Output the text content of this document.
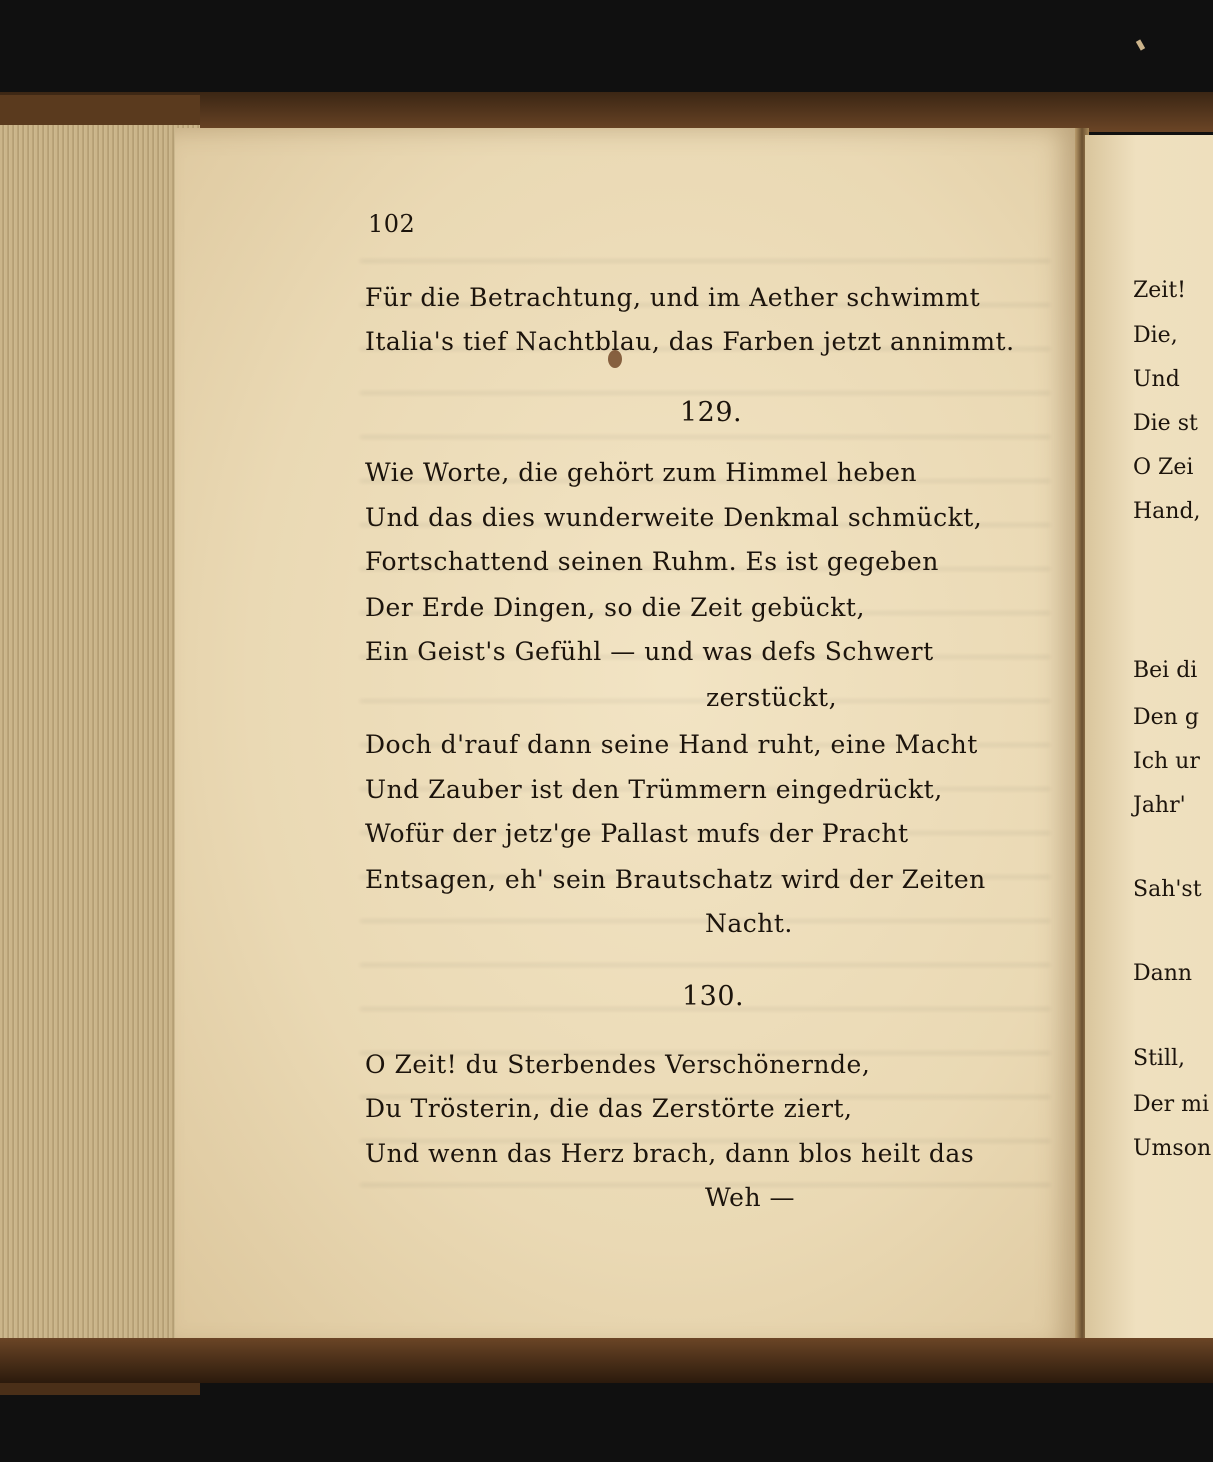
102
Für die Betrachtung, und im Aether schwimmt
Italia's tief Nachtblau, das Farben jetzt annimmt.
129.
Wie Worte, die gehört zum Himmel heben
Und das dies wunderweite Denkmal schmückt,
Fortschattend seinen Ruhm. Es ist gegeben
Der Erde Dingen, so die Zeit gebückt,
Ein Geist's Gefühl — und was defs Schwert
zerstückt,
Doch d'rauf dann seine Hand ruht, eine Macht
Und Zauber ist den Trümmern eingedrückt,
Wofür der jetz'ge Pallast mufs der Pracht
Entsagen, eh' sein Brautschatz wird der Zeiten
Nacht.
130.
O Zeit! du Sterbendes Verschönernde,
Du Trösterin, die das Zerstörte ziert,
Und wenn das Herz brach, dann blos heilt das
Weh —
Zeit!
Die,
Und
Die st
O Zei
Hand,
Bei di
Den g
Ich ur
Jahr'
Sah'st
Dann
Still,
Der mi
Umson
